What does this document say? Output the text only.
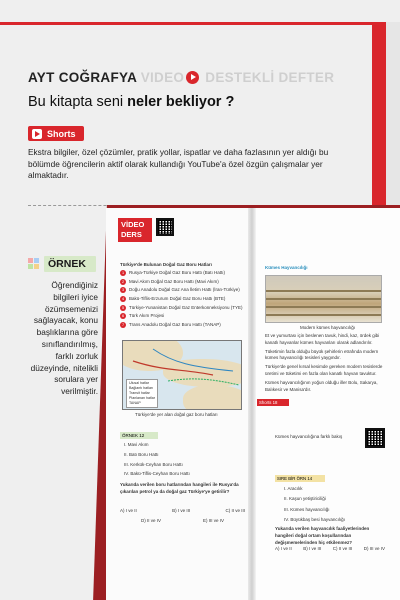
AYT COĞRAFYA VIDEO DESTEKLİ DEFTER
Bu kitapta seni neler bekliyor ?
Shorts
Ekstra bilgiler, özel çözümler, pratik yollar, ispatlar ve daha fazlasının yer aldığı bu bölümde öğrencilerin aktif olarak kullandığı YouTube'a özel özgün çalışmalar yer almaktadır.
ÖRNEK
Öğrendiğiniz bilgileri iyice özümsemenizi sağlayacak, konu başlıklarına göre sınıflandırılmış, farklı zorluk düzeyinde, nitelikli sorulara yer verilmiştir.
VİDEO
DERS
Türkiye'de Bulunan Doğal Gaz Boru Hatları
1 Rusya-Türkiye Doğal Gaz Boru Hattı (Batı Hattı)
2 Mavi Akım Doğal Gaz Boru Hattı (Mavi Akım)
3 Doğu Anadolu Doğal Gaz Ana İletim Hattı (İran-Türkiye)
4 Bakü-Tiflis-Erzurum Doğal Gaz Boru Hattı (BTE)
5 Türkiye-Yunanistan Doğal Gaz Enterkonneksiyonu (TYE)
6 Türk Akım Projesi
7 Trans Anadolu Doğal Gaz Boru Hattı (TANAP)
Ulusal hatlar
Bağlantı hatları
Transit hatlar
Planlanan hatlar
TANAP
Türkiye'de yer alan doğal gaz boru hatları
ÖRNEK 12
I. Mavi Akım
II. Batı Boru Hattı
III. Kerkük-Ceyhan Boru Hattı
IV. Bakü-Tiflis-Ceyhan Boru Hattı
Yukarıda verilen boru hatlarından hangileri ile Rusya'da çıkarılan petrol ya da doğal gaz Türkiye'ye getirilir?
A) I ve II	B) I ve III	C) II ve III
D) II ve IV	E) III ve IV
Kümes Hayvancılığı
Modern kümes hayvancılığı

Et ve yumurtası için beslenen tavuk, hindi, kaz, ördek gibi kanatlı hayvanlar kümes hayvanları olarak adlandırılır.

Tüketimin fazla olduğu büyük şehirlerin etrafında modern kümes hayvancılığı tesisleri yaygındır.

Türkiye'de genel kırsal kesimde gereken modern tesislerde üretimi ve tüketimi en fazla olan kanatlı hayvan tavuktur.

Kümes hayvancılığının yoğun olduğu iller Bolu, Sakarya, Balıkesir ve Manisa'dır.

Shorts 18
Kümes hayvancılığına farklı bakış
SIRE BİR ÖRN 14
I. Aracılık
II. Kaşun yetiştiriciliği
III. Kümes hayvancılığı
IV. Büyükbaş besi hayvancılığı
Yukarıda verilen hayvancılık faaliyetlerinden hangileri doğal ortam koşullarından değişmemelerinden hiç etkilenmez?
A) I ve II	B) I ve III	C) II ve III	D) III ve IV
